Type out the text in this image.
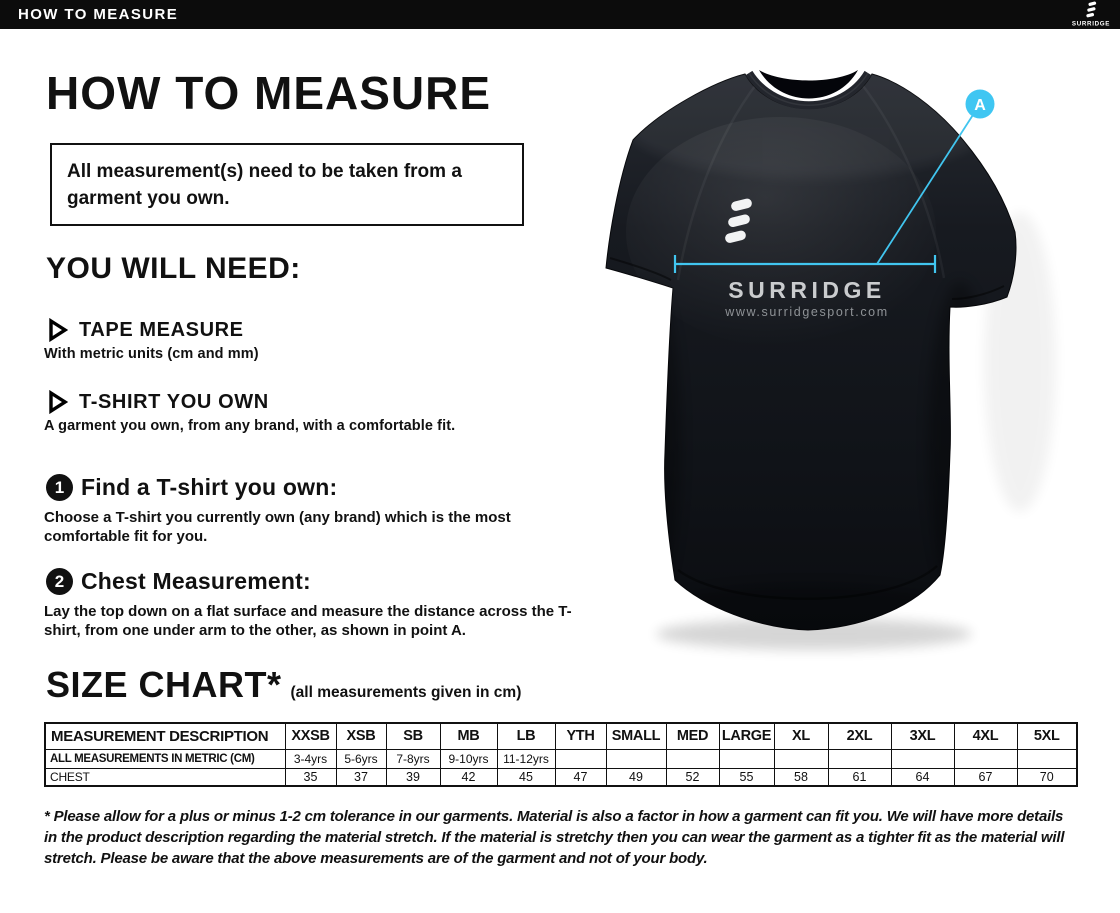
HOW TO MEASURE
SURRIDGE
HOW TO MEASURE
All measurement(s) need to be taken from a garment you own.
YOU WILL NEED:
TAPE MEASURE
With metric units (cm and mm)
T-SHIRT YOU OWN
A garment you own, from any brand, with a comfortable fit.
1 Find a T-shirt you own:
Choose a T-shirt you currently own (any brand) which is the most comfortable fit for you.
2 Chest Measurement:
Lay the top down on a flat surface and measure the distance across the T-shirt, from one under arm to the other, as shown in point A.
SIZE CHART* (all measurements given in cm)
MEASUREMENT DESCRIPTION	XXSB	XSB	SB	MB	LB	YTH	SMALL	MED	LARGE	XL	2XL	3XL	4XL	5XL
ALL MEASUREMENTS IN METRIC (CM)	3-4yrs	5-6yrs	7-8yrs	9-10yrs	11-12yrs									
CHEST	35	37	39	42	45	47	49	52	55	58	61	64	67	70
* Please allow for a plus or minus 1-2 cm tolerance in our garments. Material is also a factor in how a garment can fit you. We will have more details in the product description regarding the material stretch. If the material is stretchy then you can wear the garment as a tighter fit as the material will stretch. Please be aware that the above measurements are of the garment and not of your body.
SURRIDGE
www.surridgesport.com
A
